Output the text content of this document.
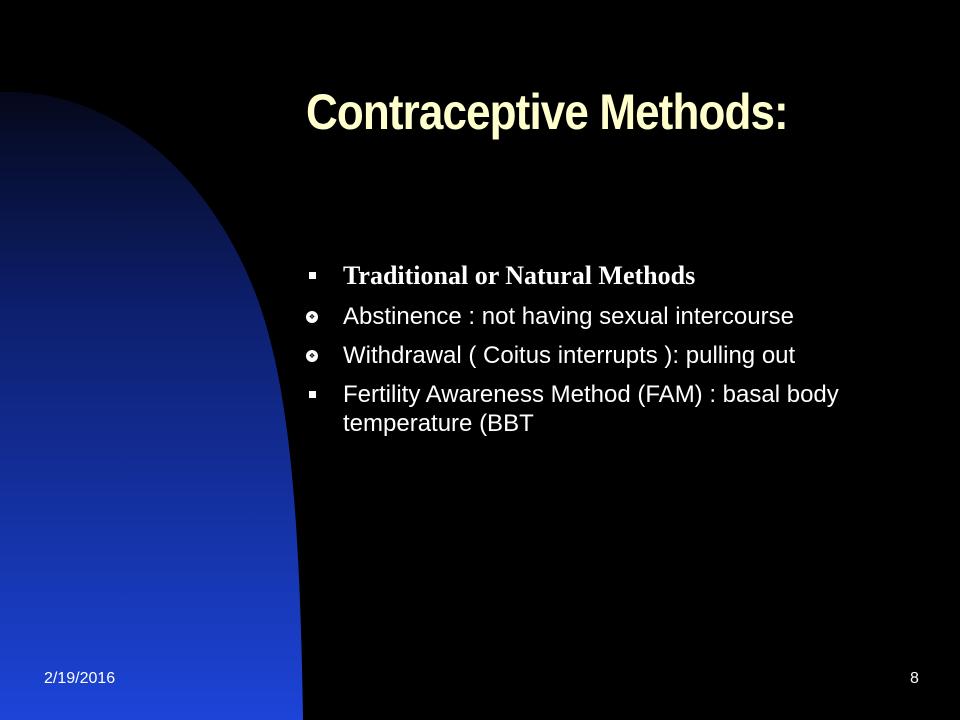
Contraceptive Methods:
Traditional or Natural Methods
❖ Abstinence : not having sexual intercourse
❖ Withdrawal ( Coitus interrupts ): pulling out
Fertility Awareness Method (FAM) : basal body temperature (BBT
2/19/2016	8
